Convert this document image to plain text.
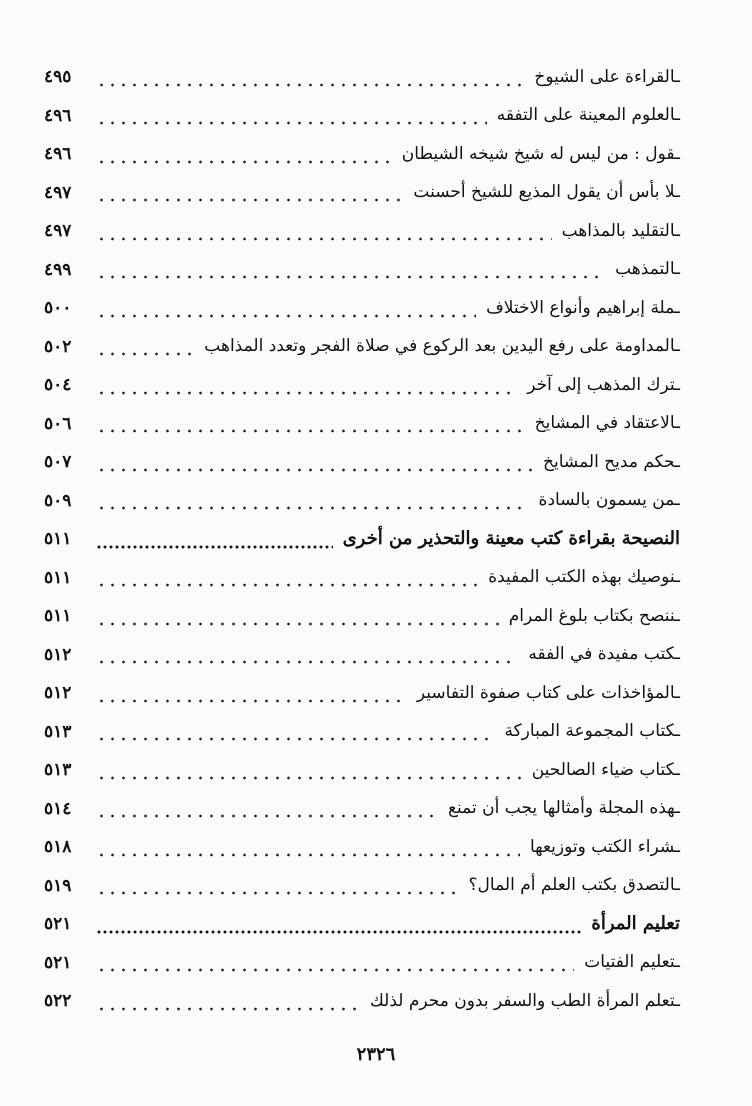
ـالقراءة على الشيوخ
٤٩٥
ـالعلوم المعينة على التفقه
٤٩٦
ـقول : من ليس له شيخ شيخه الشيطان
٤٩٦
ـلا بأس أن يقول المذيع للشيخ أحسنت
٤٩٧
ـالتقليد بالمذاهب
٤٩٧
ـالتمذهب
٤٩٩
ـملة إبراهيم وأنواع الاختلاف
٥٠٠
ـالمداومة على رفع اليدين بعد الركوع في صلاة الفجر وتعدد المذاهب
٥٠٢
ـترك المذهب إلى آخر
٥٠٤
ـالاعتقاد في المشايخ
٥٠٦
ـحكم مديح المشايخ
٥٠٧
ـمن يسمون بالسادة
٥٠٩
النصيحة بقراءة كتب معينة والتحذير من أخرى
٥١١
ـنوصيك بهذه الكتب المفيدة
٥١١
ـننصح بكتاب بلوغ المرام
٥١١
ـكتب مفيدة في الفقه
٥١٢
ـالمؤاخذات على كتاب صفوة التفاسير
٥١٢
ـكتاب المجموعة المباركة
٥١٣
ـكتاب ضياء الصالحين
٥١٣
ـهذه المجلة وأمثالها يجب أن تمنع
٥١٤
ـشراء الكتب وتوزيعها
٥١٨
ـالتصدق بكتب العلم أم المال؟
٥١٩
تعليم المرأة
٥٢١
ـتعليم الفتيات
٥٢١
ـتعلم المرأة الطب والسفر بدون محرم لذلك
٥٢٢
٢٣٢٦
